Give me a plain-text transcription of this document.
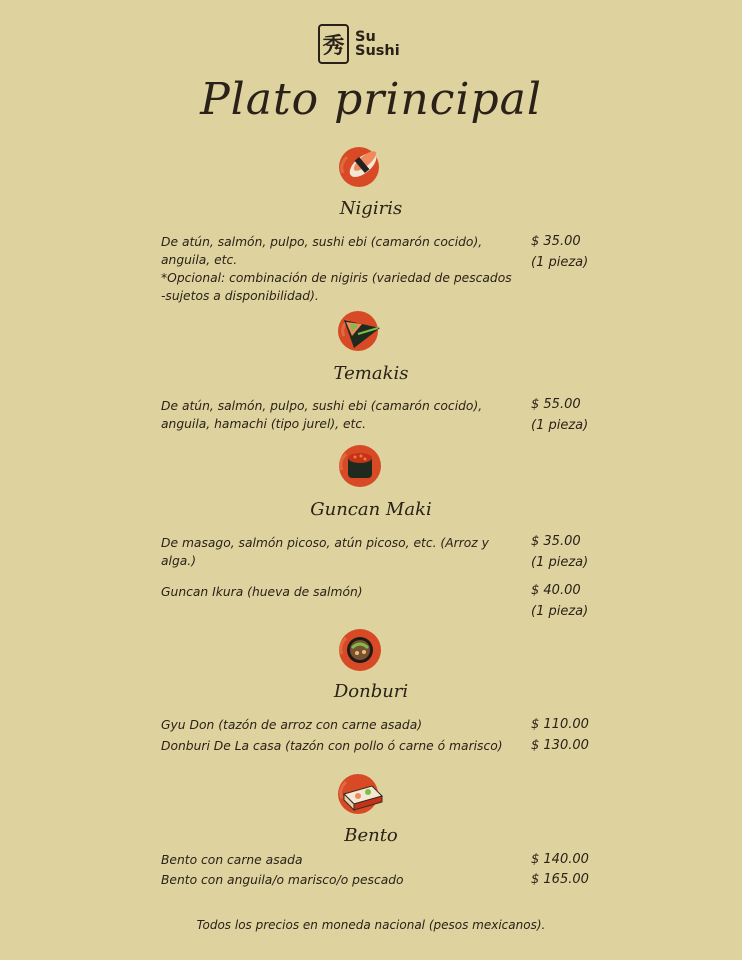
秀 Su
Sushi
Plato principal
Nigiris
De atún, salmón, pulpo, sushi ebi (camarón cocido),
anguila, etc.
*Opcional: combinación de nigiris (variedad de pescados
-sujetos a disponibilidad).
$ 35.00
(1 pieza)
Temakis
De atún, salmón, pulpo, sushi ebi (camarón cocido),
anguila, hamachi (tipo jurel), etc.
$ 55.00
(1 pieza)
Guncan Maki
De masago, salmón picoso, atún picoso, etc. (Arroz y alga.)
$ 35.00
(1 pieza)
Guncan Ikura (hueva de salmón)	$ 40.00
(1 pieza)
Donburi
Gyu Don (tazón de arroz con carne asada)	$ 110.00
Donburi De La casa (tazón con pollo ó carne ó marisco)	$ 130.00
Bento
Bento con carne asada	$ 140.00
Bento con anguila/o marisco/o pescado	$ 165.00
Todos los precios en moneda nacional (pesos mexicanos).
